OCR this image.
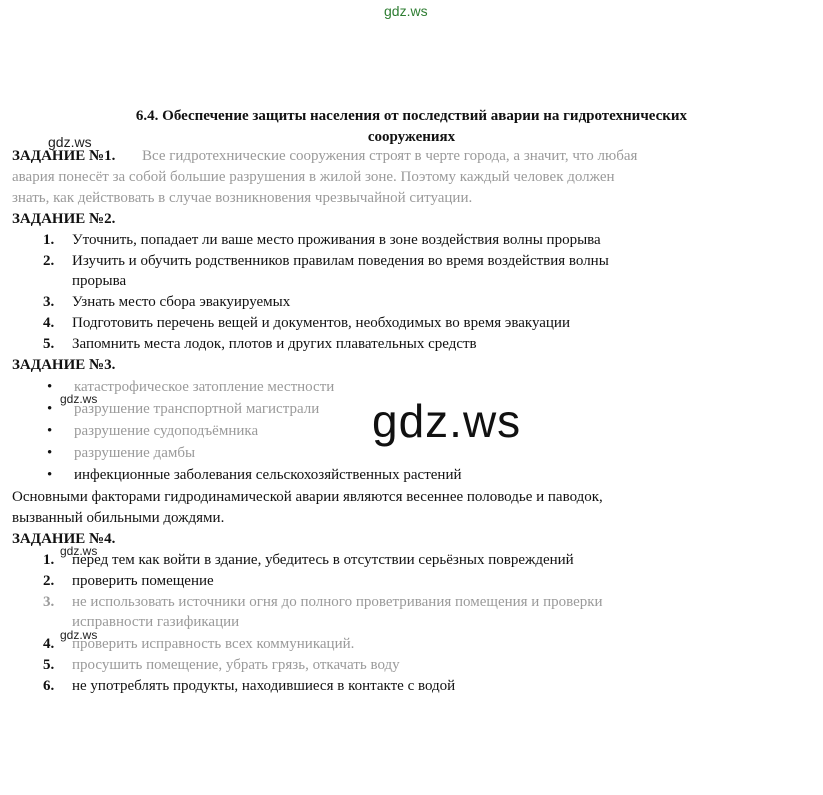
gdz.ws
6.4. Обеспечение защиты населения от последствий аварии на гидротехнических
сооружениях
gdz.ws
ЗАДАНИЕ №1. Все гидротехнические сооружения строят в черте города, а значит, что любая
авария понесёт за собой большие разрушения в жилой зоне. Поэтому каждый человек должен
знать, как действовать в случае возникновения чрезвычайной ситуации.
ЗАДАНИЕ №2.
1.	Уточнить, попадает ли ваше место проживания в зоне воздействия волны прорыва
2.	Изучить и обучить родственников правилам поведения во время воздействия волны
прорыва
3.	Узнать место сбора эвакуируемых
4.	Подготовить перечень вещей и документов, необходимых во время эвакуации
5.	Запомнить места лодок, плотов и других плавательных средств
ЗАДАНИЕ №3.
• катастрофическое затопление местности
gdz.ws
• разрушение транспортной магистрали
• разрушение судоподъёмника
• разрушение дамбы
• инфекционные заболевания сельскохозяйственных растений
gdz.ws
Основными факторами гидродинамической аварии являются весеннее половодье и паводок,
вызванный обильными дождями.
ЗАДАНИЕ №4.
gdz.ws
1.	перед тем как войти в здание, убедитесь в отсутствии серьёзных повреждений
2.	проверить помещение
3.	не использовать источники огня до полного проветривания помещения и проверки
исправности газификации
gdz.ws
4.	проверить исправность всех коммуникаций.
5.	просушить помещение, убрать грязь, откачать воду
6.	не употреблять продукты, находившиеся в контакте с водой
